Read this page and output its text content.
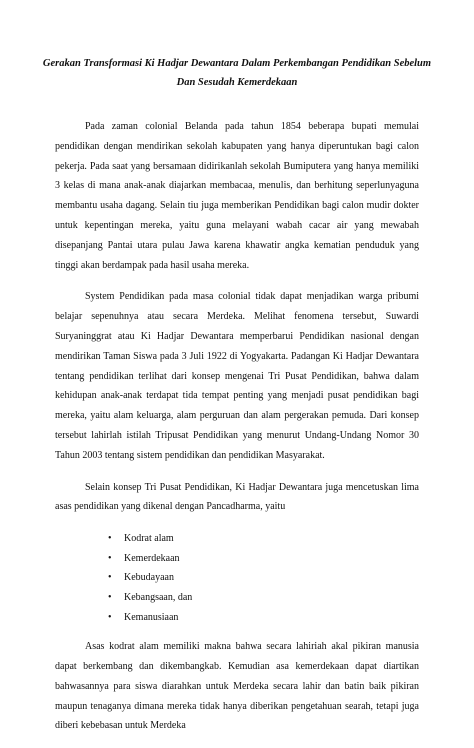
Gerakan Transformasi Ki Hadjar Dewantara Dalam Perkembangan Pendidikan Sebelum Dan Sesudah Kemerdekaan

Pada zaman colonial Belanda pada tahun 1854 beberapa bupati memulai pendidikan dengan mendirikan sekolah kabupaten yang hanya diperuntukan bagi calon pekerja. Pada saat yang bersamaan didirikanlah sekolah Bumiputera yang hanya memiliki 3 kelas di mana anak-anak diajarkan membacaa, menulis, dan berhitung seperlunyaguna membantu usaha dagang. Selain tiu juga memberikan Pendidikan bagi calon mudir dokter untuk kepentingan mereka, yaitu guna melayani wabah cacar air yang mewabah disepanjang Pantai utara pulau Jawa karena khawatir angka kematian penduduk yang tinggi akan berdampak pada hasil usaha mereka.

System Pendidikan pada masa colonial tidak dapat menjadikan warga pribumi belajar sepenuhnya atau secara Merdeka. Melihat fenomena tersebut, Suwardi Suryaninggrat atau Ki Hadjar Dewantara memperbarui Pendidikan nasional dengan mendirikan Taman Siswa pada 3 Juli 1922 di Yogyakarta. Padangan Ki Hadjar Dewantara tentang pendidikan terlihat dari konsep mengenai Tri Pusat Pendidikan, bahwa dalam kehidupan anak-anak terdapat tida tempat penting yang menjadi pusat pendidikan bagi mereka, yaitu alam keluarga, alam perguruan dan alam pergerakan pemuda. Dari konsep tersebut lahirlah istilah Tripusat Pendidikan yang menurut Undang-Undang Nomor 30 Tahun 2003 tentang sistem pendidikan dan pendidikan Masyarakat.

Selain konsep Tri Pusat Pendidikan, Ki Hadjar Dewantara juga mencetuskan lima asas pendidikan yang dikenal dengan Pancadharma, yaitu

• Kodrat alam
• Kemerdekaan
• Kebudayaan
• Kebangsaan, dan
• Kemanusiaan

Asas kodrat alam memiliki makna bahwa secara lahiriah akal pikiran manusia dapat berkembang dan dikembangkab. Kemudian asa kemerdekaan dapat diartikan bahwasannya para siswa diarahkan untuk Merdeka secara lahir dan batin baik pikiran maupun tenaganya dimana mereka tidak hanya diberikan pengetahuan searah, tetapi juga diberi kebebasan untuk Merdeka
